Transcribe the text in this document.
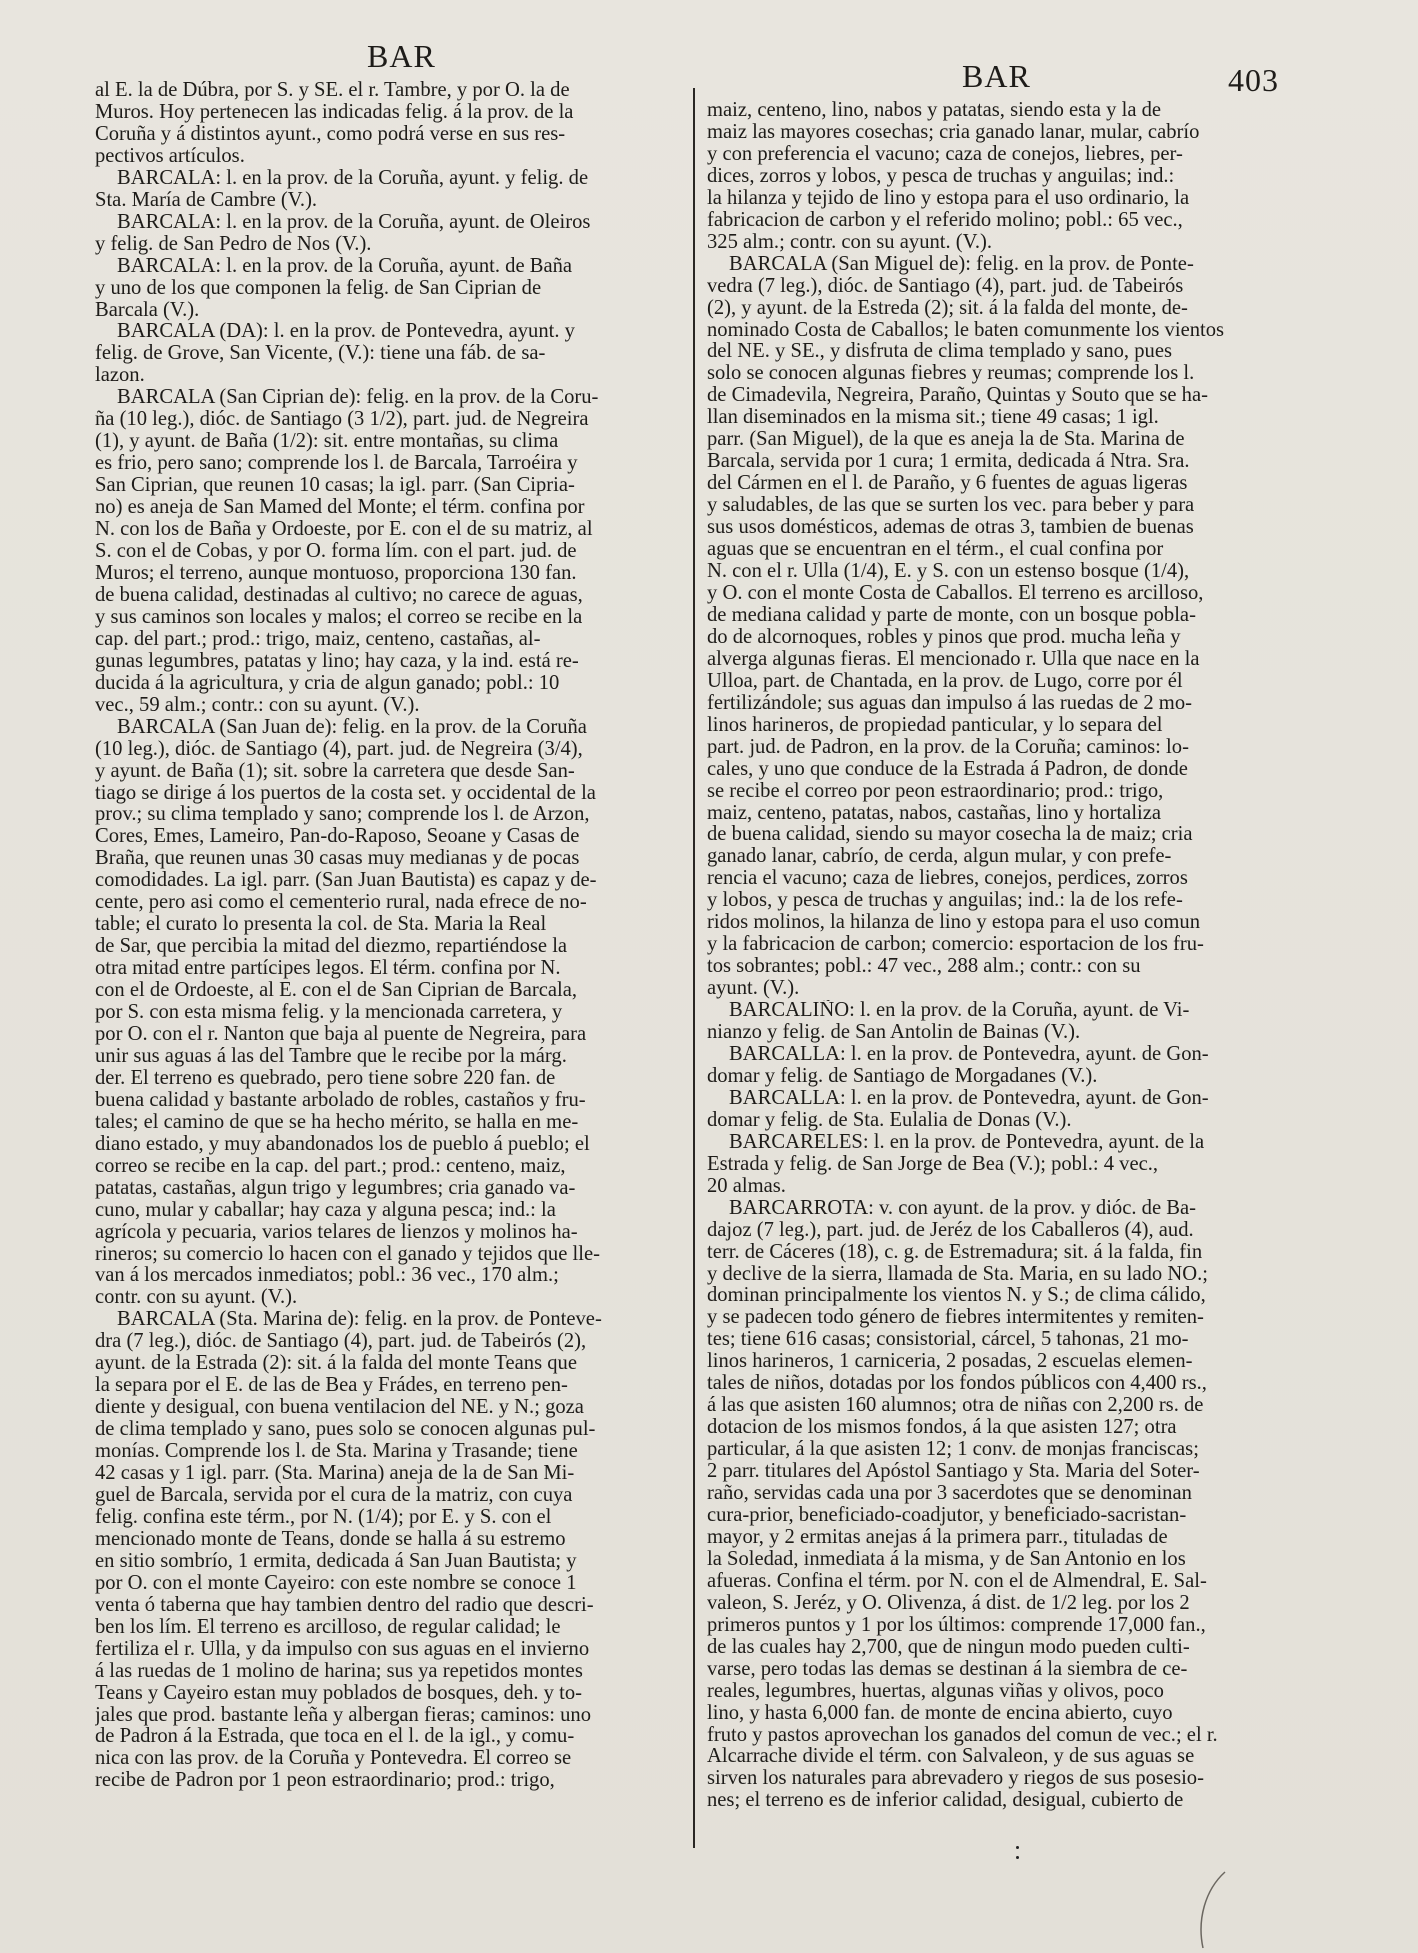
BAR
BAR	403
al E. la de Dúbra, por S. y SE. el r. Tambre, y por O. la de
Muros. Hoy pertenecen las indicadas felig. á la prov. de la
Coruña y á distintos ayunt., como podrá verse en sus res-
pectivos artículos.
BARCALA: l. en la prov. de la Coruña, ayunt. y felig. de
Sta. María de Cambre (V.).
BARCALA: l. en la prov. de la Coruña, ayunt. de Oleiros
y felig. de San Pedro de Nos (V.).
BARCALA: l. en la prov. de la Coruña, ayunt. de Baña
y uno de los que componen la felig. de San Ciprian de
Barcala (V.).
BARCALA (DA): l. en la prov. de Pontevedra, ayunt. y
felig. de Grove, San Vicente, (V.): tiene una fáb. de sa-
lazon.
BARCALA (San Ciprian de): felig. en la prov. de la Coru-
ña (10 leg.), dióc. de Santiago (3 1/2), part. jud. de Negreira
(1), y ayunt. de Baña (1/2): sit. entre montañas, su clima
es frio, pero sano; comprende los l. de Barcala, Tarroéira y
San Ciprian, que reunen 10 casas; la igl. parr. (San Cipria-
no) es aneja de San Mamed del Monte; el térm. confina por
N. con los de Baña y Ordoeste, por E. con el de su matriz, al
S. con el de Cobas, y por O. forma lím. con el part. jud. de
Muros; el terreno, aunque montuoso, proporciona 130 fan.
de buena calidad, destinadas al cultivo; no carece de aguas,
y sus caminos son locales y malos; el correo se recibe en la
cap. del part.; prod.: trigo, maiz, centeno, castañas, al-
gunas legumbres, patatas y lino; hay caza, y la ind. está re-
ducida á la agricultura, y cria de algun ganado; pobl.: 10
vec., 59 alm.; contr.: con su ayunt. (V.).
BARCALA (San Juan de): felig. en la prov. de la Coruña
(10 leg.), dióc. de Santiago (4), part. jud. de Negreira (3/4),
y ayunt. de Baña (1); sit. sobre la carretera que desde San-
tiago se dirige á los puertos de la costa set. y occidental de la
prov.; su clima templado y sano; comprende los l. de Arzon,
Cores, Emes, Lameiro, Pan-do-Raposo, Seoane y Casas de
Braña, que reunen unas 30 casas muy medianas y de pocas
comodidades. La igl. parr. (San Juan Bautista) es capaz y de-
cente, pero asi como el cementerio rural, nada efrece de no-
table; el curato lo presenta la col. de Sta. Maria la Real
de Sar, que percibia la mitad del diezmo, repartiéndose la
otra mitad entre partícipes legos. El térm. confina por N.
con el de Ordoeste, al E. con el de San Ciprian de Barcala,
por S. con esta misma felig. y la mencionada carretera, y
por O. con el r. Nanton que baja al puente de Negreira, para
unir sus aguas á las del Tambre que le recibe por la márg.
der. El terreno es quebrado, pero tiene sobre 220 fan. de
buena calidad y bastante arbolado de robles, castaños y fru-
tales; el camino de que se ha hecho mérito, se halla en me-
diano estado, y muy abandonados los de pueblo á pueblo; el
correo se recibe en la cap. del part.; prod.: centeno, maiz,
patatas, castañas, algun trigo y legumbres; cria ganado va-
cuno, mular y caballar; hay caza y alguna pesca; ind.: la
agrícola y pecuaria, varios telares de lienzos y molinos ha-
rineros; su comercio lo hacen con el ganado y tejidos que lle-
van á los mercados inmediatos; pobl.: 36 vec., 170 alm.;
contr. con su ayunt. (V.).
BARCALA (Sta. Marina de): felig. en la prov. de Ponteve-
dra (7 leg.), dióc. de Santiago (4), part. jud. de Tabeirós (2),
ayunt. de la Estrada (2): sit. á la falda del monte Teans que
la separa por el E. de las de Bea y Frádes, en terreno pen-
diente y desigual, con buena ventilacion del NE. y N.; goza
de clima templado y sano, pues solo se conocen algunas pul-
monías. Comprende los l. de Sta. Marina y Trasande; tiene
42 casas y 1 igl. parr. (Sta. Marina) aneja de la de San Mi-
guel de Barcala, servida por el cura de la matriz, con cuya
felig. confina este térm., por N. (1/4); por E. y S. con el
mencionado monte de Teans, donde se halla á su estremo
en sitio sombrío, 1 ermita, dedicada á San Juan Bautista; y
por O. con el monte Cayeiro: con este nombre se conoce 1
venta ó taberna que hay tambien dentro del radio que descri-
ben los lím. El terreno es arcilloso, de regular calidad; le
fertiliza el r. Ulla, y da impulso con sus aguas en el invierno
á las ruedas de 1 molino de harina; sus ya repetidos montes
Teans y Cayeiro estan muy poblados de bosques, deh. y to-
jales que prod. bastante leña y albergan fieras; caminos: uno
de Padron á la Estrada, que toca en el l. de la igl., y comu-
nica con las prov. de la Coruña y Pontevedra. El correo se
recibe de Padron por 1 peon estraordinario; prod.: trigo,
maiz, centeno, lino, nabos y patatas, siendo esta y la de
maiz las mayores cosechas; cria ganado lanar, mular, cabrío
y con preferencia el vacuno; caza de conejos, liebres, per-
dices, zorros y lobos, y pesca de truchas y anguilas; ind.:
la hilanza y tejido de lino y estopa para el uso ordinario, la
fabricacion de carbon y el referido molino; pobl.: 65 vec.,
325 alm.; contr. con su ayunt. (V.).
BARCALA (San Miguel de): felig. en la prov. de Ponte-
vedra (7 leg.), dióc. de Santiago (4), part. jud. de Tabeirós
(2), y ayunt. de la Estreda (2); sit. á la falda del monte, de-
nominado Costa de Caballos; le baten comunmente los vientos
del NE. y SE., y disfruta de clima templado y sano, pues
solo se conocen algunas fiebres y reumas; comprende los l.
de Cimadevila, Negreira, Paraño, Quintas y Souto que se ha-
llan diseminados en la misma sit.; tiene 49 casas; 1 igl.
parr. (San Miguel), de la que es aneja la de Sta. Marina de
Barcala, servida por 1 cura; 1 ermita, dedicada á Ntra. Sra.
del Cármen en el l. de Paraño, y 6 fuentes de aguas ligeras
y saludables, de las que se surten los vec. para beber y para
sus usos domésticos, ademas de otras 3, tambien de buenas
aguas que se encuentran en el térm., el cual confina por
N. con el r. Ulla (1/4), E. y S. con un estenso bosque (1/4),
y O. con el monte Costa de Caballos. El terreno es arcilloso,
de mediana calidad y parte de monte, con un bosque pobla-
do de alcornoques, robles y pinos que prod. mucha leña y
alverga algunas fieras. El mencionado r. Ulla que nace en la
Ulloa, part. de Chantada, en la prov. de Lugo, corre por él
fertilizándole; sus aguas dan impulso á las ruedas de 2 mo-
linos harineros, de propiedad panticular, y lo separa del
part. jud. de Padron, en la prov. de la Coruña; caminos: lo-
cales, y uno que conduce de la Estrada á Padron, de donde
se recibe el correo por peon estraordinario; prod.: trigo,
maiz, centeno, patatas, nabos, castañas, lino y hortaliza
de buena calidad, siendo su mayor cosecha la de maiz; cria
ganado lanar, cabrío, de cerda, algun mular, y con prefe-
rencia el vacuno; caza de liebres, conejos, perdices, zorros
y lobos, y pesca de truchas y anguilas; ind.: la de los refe-
ridos molinos, la hilanza de lino y estopa para el uso comun
y la fabricacion de carbon; comercio: esportacion de los fru-
tos sobrantes; pobl.: 47 vec., 288 alm.; contr.: con su
ayunt. (V.).
BARCALIÑO: l. en la prov. de la Coruña, ayunt. de Vi-
nianzo y felig. de San Antolin de Bainas (V.).
BARCALLA: l. en la prov. de Pontevedra, ayunt. de Gon-
domar y felig. de Santiago de Morgadanes (V.).
BARCALLA: l. en la prov. de Pontevedra, ayunt. de Gon-
domar y felig. de Sta. Eulalia de Donas (V.).
BARCARELES: l. en la prov. de Pontevedra, ayunt. de la
Estrada y felig. de San Jorge de Bea (V.); pobl.: 4 vec.,
20 almas.
BARCARROTA: v. con ayunt. de la prov. y dióc. de Ba-
dajoz (7 leg.), part. jud. de Jeréz de los Caballeros (4), aud.
terr. de Cáceres (18), c. g. de Estremadura; sit. á la falda, fin
y declive de la sierra, llamada de Sta. Maria, en su lado NO.;
dominan principalmente los vientos N. y S.; de clima cálido,
y se padecen todo género de fiebres intermitentes y remiten-
tes; tiene 616 casas; consistorial, cárcel, 5 tahonas, 21 mo-
linos harineros, 1 carniceria, 2 posadas, 2 escuelas elemen-
tales de niños, dotadas por los fondos públicos con 4,400 rs.,
á las que asisten 160 alumnos; otra de niñas con 2,200 rs. de
dotacion de los mismos fondos, á la que asisten 127; otra
particular, á la que asisten 12; 1 conv. de monjas franciscas;
2 parr. titulares del Apóstol Santiago y Sta. Maria del Soter-
raño, servidas cada una por 3 sacerdotes que se denominan
cura-prior, beneficiado-coadjutor, y beneficiado-sacristan-
mayor, y 2 ermitas anejas á la primera parr., tituladas de
la Soledad, inmediata á la misma, y de San Antonio en los
afueras. Confina el térm. por N. con el de Almendral, E. Sal-
valeon, S. Jeréz, y O. Olivenza, á dist. de 1/2 leg. por los 2
primeros puntos y 1 por los últimos: comprende 17,000 fan.,
de las cuales hay 2,700, que de ningun modo pueden culti-
varse, pero todas las demas se destinan á la siembra de ce-
reales, legumbres, huertas, algunas viñas y olivos, poco
lino, y hasta 6,000 fan. de monte de encina abierto, cuyo
fruto y pastos aprovechan los ganados del comun de vec.; el r.
Alcarrache divide el térm. con Salvaleon, y de sus aguas se
sirven los naturales para abrevadero y riegos de sus posesio-
nes; el terreno es de inferior calidad, desigual, cubierto de
